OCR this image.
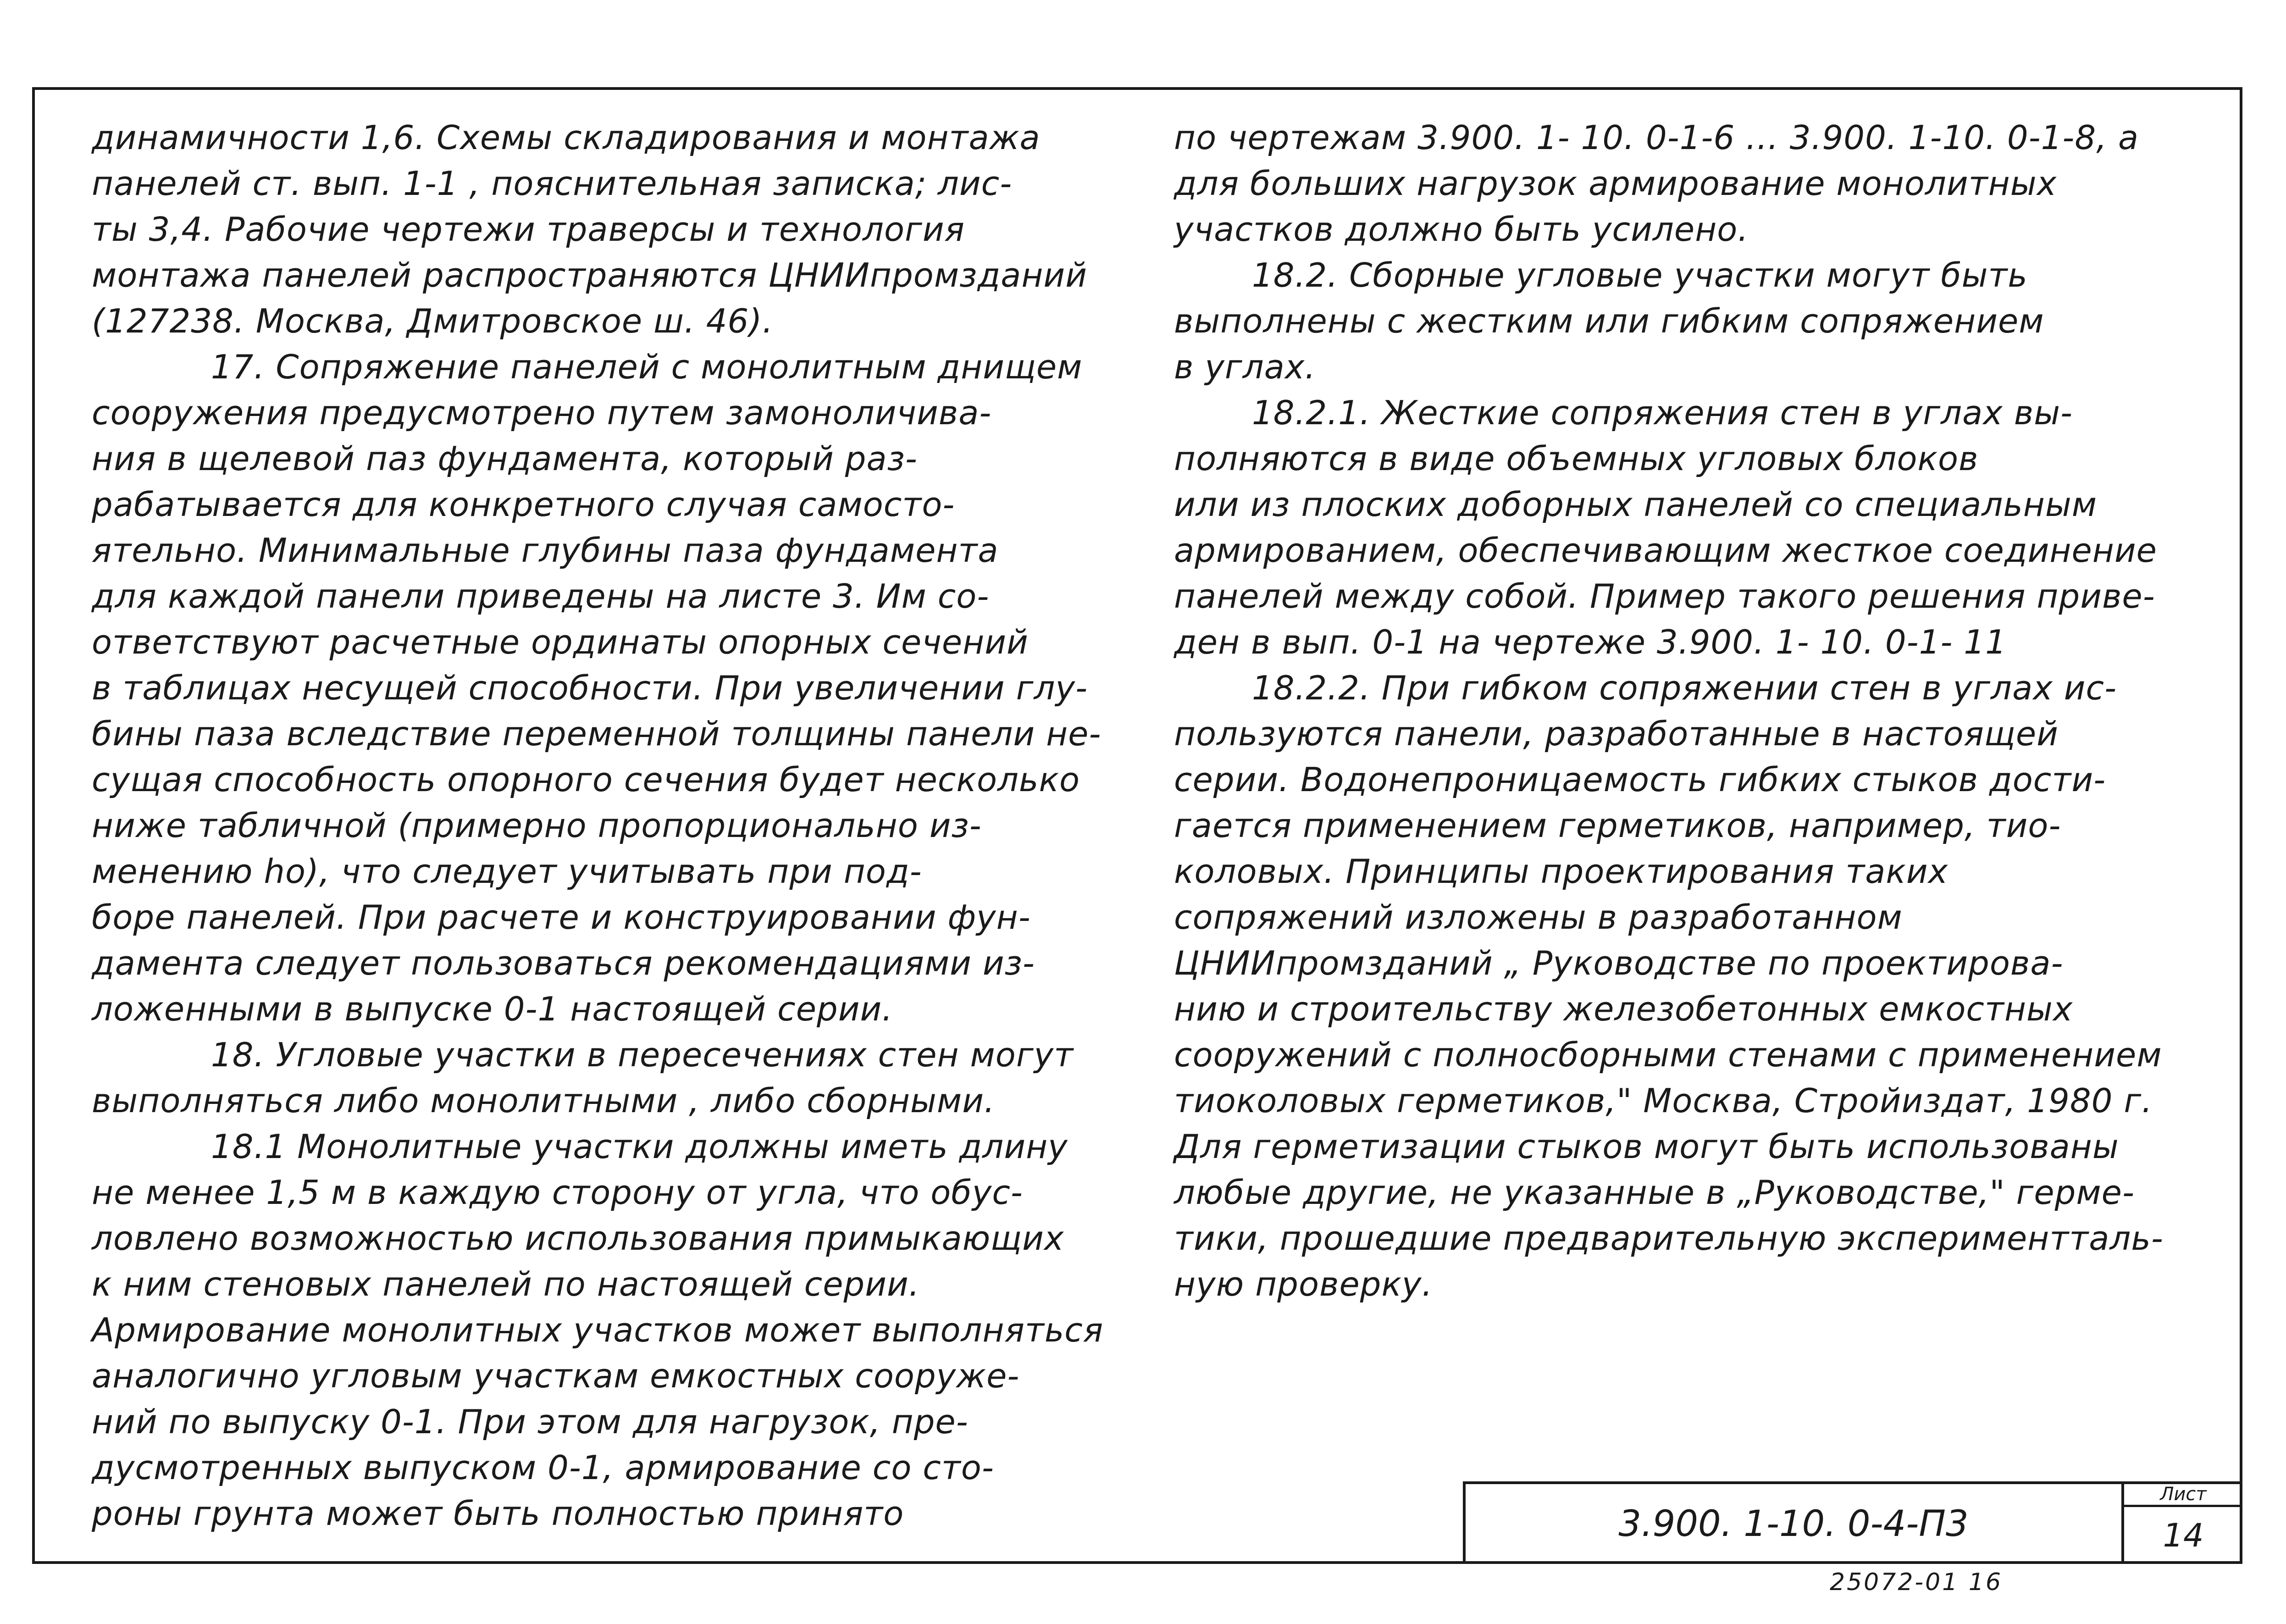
динамичности 1,6. Схемы складирования и монтажа
панелей ст. вып. 1-1 , пояснительная записка; лис-
ты 3,4. Рабочие чертежи траверсы и технология
монтажа панелей распространяются ЦНИИпромзданий
(127238. Москва, Дмитровское ш. 46).
17. Сопряжение панелей с монолитным днищем
сооружения предусмотрено путем замоноличива-
ния в щелевой паз фундамента, который раз-
рабатывается для конкретного случая самосто-
ятельно. Минимальные глубины паза фундамента
для каждой панели приведены на листе 3. Им со-
ответствуют расчетные ординаты опорных сечений
в таблицах несущей способности. При увеличении глу-
бины паза вследствие переменной толщины панели не-
сущая способность опорного сечения будет несколько
ниже табличной (примерно пропорционально из-
менению ho), что следует учитывать при под-
боре панелей. При расчете и конструировании фун-
дамента следует пользоваться рекомендациями из-
ложенными в выпуске 0-1 настоящей серии.
18. Угловые участки в пересечениях стен могут
выполняться либо монолитными , либо сборными.
18.1 Монолитные участки должны иметь длину
не менее 1,5 м в каждую сторону от угла, что обус-
ловлено возможностью использования примыкающих
к ним стеновых панелей по настоящей серии.
Армирование монолитных участков может выполняться
аналогично угловым участкам емкостных сооруже-
ний по выпуску 0-1. При этом для нагрузок, пре-
дусмотренных выпуском 0-1, армирование со сто-
роны грунта может быть полностью принято
по чертежам 3.900. 1- 10. 0-1-6 ... 3.900. 1-10. 0-1-8, а
для больших нагрузок армирование монолитных
участков должно быть усилено.
18.2. Сборные угловые участки могут быть
выполнены с жестким или гибким сопряжением
в углах.
18.2.1. Жесткие сопряжения стен в углах вы-
полняются в виде объемных угловых блоков
или из плоских доборных панелей со специальным
армированием, обеспечивающим жесткое соединение
панелей между собой. Пример такого решения приве-
ден в вып. 0-1 на чертеже 3.900. 1- 10. 0-1- 11
18.2.2. При гибком сопряжении стен в углах ис-
пользуются панели, разработанные в настоящей
серии. Водонепроницаемость гибких стыков дости-
гается применением герметиков, например, тио-
коловых. Принципы проектирования таких
сопряжений изложены в разработанном
ЦНИИпромзданий „ Руководстве по проектирова-
нию и строительству железобетонных емкостных
сооружений с полносборными стенами с применением
тиоколовых герметиков," Москва, Стройиздат, 1980 г.
Для герметизации стыков могут быть использованы
любые другие, не указанные в „Руководстве," герме-
тики, прошедшие предварительную экспериментталь-
ную проверку.
3.900. 1-10. 0-4-П3
Лист
14
25072-01 16
